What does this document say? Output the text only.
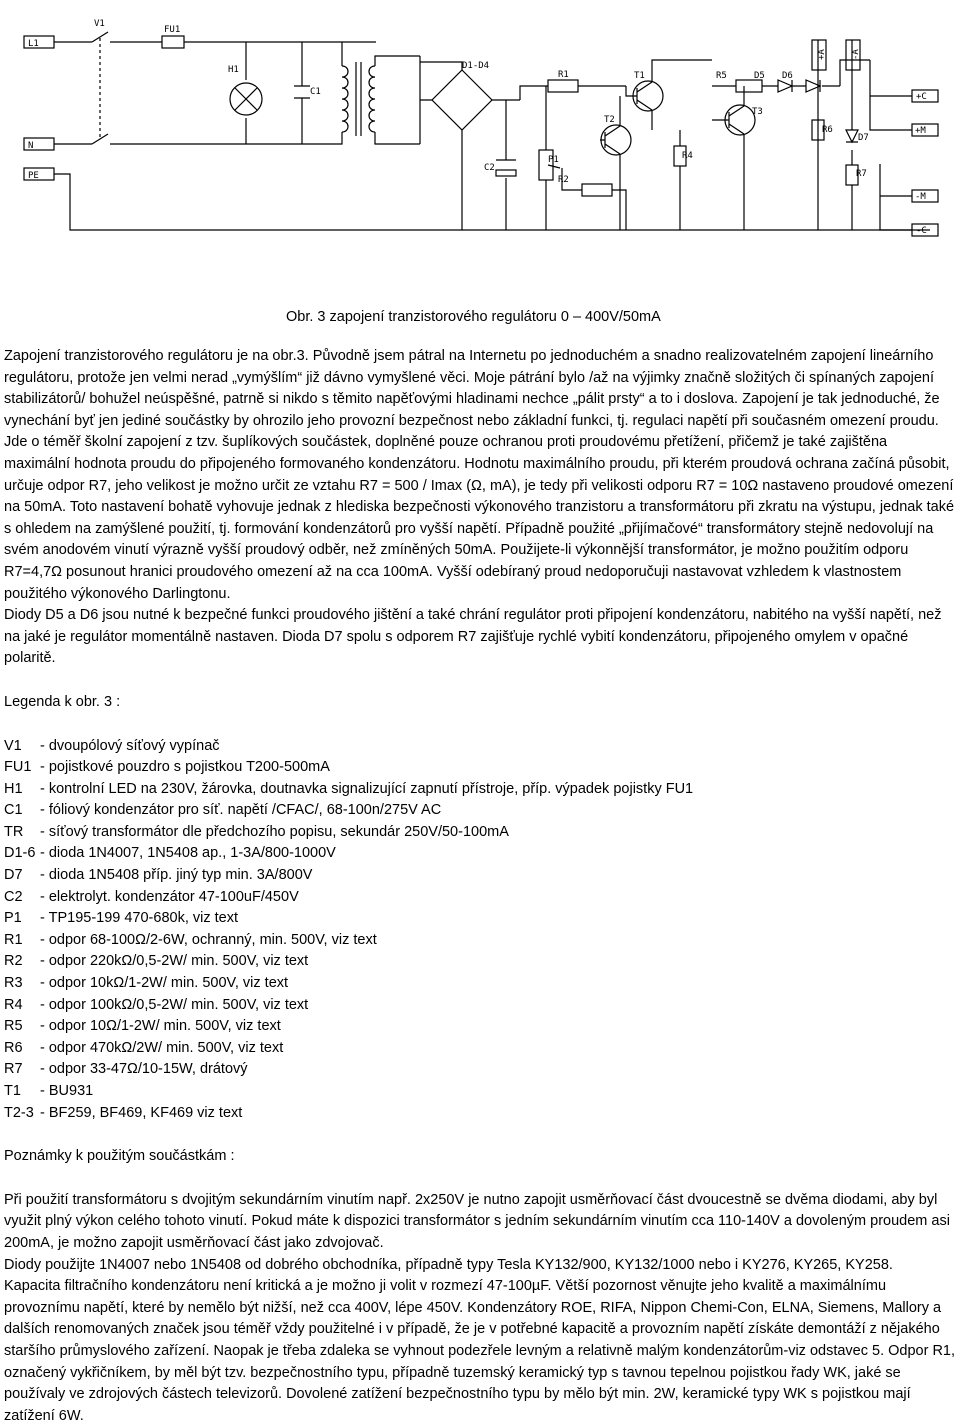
L1
N
PE
V1
FU1
H1
C1
D1-D4
R1	T1
T2
R5	D5 D6
T3
C2
P1
R2
R4
R6
D7
R7
+A	-A
+C
+M
-M
-C
Obr. 3 zapojení tranzistorového regulátoru 0 – 400V/50mA

Zapojení tranzistorového regulátoru je na obr.3. Původně jsem pátral na Internetu po jednoduchém a snadno realizovatelném zapojení lineárního regulátoru, protože jen velmi nerad „vymýšlím“ již dávno vymyšlené věci. Moje pátrání bylo /až na výjimky značně složitých či spínaných zapojení stabilizátorů/ bohužel neúspěšné, patrně si nikdo s těmito napěťovými hladinami nechce „pálit prsty“ a to i doslova. Zapojení je tak jednoduché, že vynechání byť jen jediné součástky by ohrozilo jeho provozní bezpečnost nebo základní funkci, tj. regulaci napětí při současném omezení proudu. Jde o téměř školní zapojení z tzv. šuplíkových součástek, doplněné pouze ochranou proti proudovému přetížení, přičemž je také zajištěna maximální hodnota proudu do připojeného formovaného kondenzátoru. Hodnotu maximálního proudu, při kterém proudová ochrana začíná působit, určuje odpor R7, jeho velikost je možno určit ze vztahu R7 = 500 / Imax (Ω, mA), je tedy při velikosti odporu R7 = 10Ω nastaveno proudové omezení na 50mA. Toto nastavení bohatě vyhovuje jednak z hlediska bezpečnosti výkonového tranzistoru a transformátoru při zkratu na výstupu, jednak také s ohledem na zamýšlené použití, tj. formování kondenzátorů pro vyšší napětí. Případně použité „přijímačové“ transformátory stejně nedovolují na svém anodovém vinutí výrazně vyšší proudový odběr, než zmíněných 50mA. Použijete-li výkonnější transformátor, je možno použitím odporu R7=4,7Ω posunout hranici proudového omezení až na cca 100mA. Vyšší odebíraný proud nedoporučuji nastavovat vzhledem k vlastnostem použitého výkonového Darlingtonu.

Diody D5 a D6 jsou nutné k bezpečné funkci proudového jištění a také chrání regulátor proti připojení kondenzátoru, nabitého na vyšší napětí, než na jaké je regulátor momentálně nastaven. Dioda D7 spolu s odporem R7 zajišťuje rychlé vybití kondenzátoru, připojeného omylem v opačné polaritě.

Legenda k obr. 3 :

V1	- dvoupólový síťový vypínač
FU1 - pojistkové pouzdro s pojistkou T200-500mA
H1	- kontrolní LED na 230V, žárovka, doutnavka signalizující zapnutí přístroje, příp. výpadek pojistky FU1
C1	- fóliový kondenzátor pro síť. napětí /CFAC/, 68-100n/275V AC
TR	- síťový transformátor dle předchozího popisu, sekundár 250V/50-100mA
D1-6 - dioda 1N4007, 1N5408 ap., 1-3A/800-1000V
D7	- dioda 1N5408 příp. jiný typ min. 3A/800V
C2	- elektrolyt. kondenzátor 47-100uF/450V
P1	- TP195-199 470-680k, viz text
R1	- odpor 68-100Ω/2-6W, ochranný, min. 500V, viz text
R2	- odpor 220kΩ/0,5-2W/ min. 500V, viz text
R3	- odpor 10kΩ/1-2W/ min. 500V, viz text
R4	- odpor 100kΩ/0,5-2W/ min. 500V, viz text
R5	- odpor 10Ω/1-2W/ min. 500V, viz text
R6	- odpor 470kΩ/2W/ min. 500V, viz text
R7	- odpor 33-47Ω/10-15W, drátový
T1	- BU931
T2-3 - BF259, BF469, KF469 viz text

Poznámky k použitým součástkám :

Při použití transformátoru s dvojitým sekundárním vinutím např. 2x250V je nutno zapojit usměrňovací část dvoucestně se dvěma diodami, aby byl využit plný výkon celého tohoto vinutí. Pokud máte k dispozici transformátor s jedním sekundárním vinutím cca 110-140V a dovoleným proudem asi 200mA, je možno zapojit usměrňovací část jako zdvojovač.

Diody použijte 1N4007 nebo 1N5408 od dobrého obchodníka, případně typy Tesla KY132/900, KY132/1000 nebo i KY276, KY265, KY258.

Kapacita filtračního kondenzátoru není kritická a je možno ji volit v rozmezí 47-100µF. Větší pozornost věnujte jeho kvalitě a maximálnímu provoznímu napětí, které by nemělo být nižší, než cca 400V, lépe 450V. Kondenzátory ROE, RIFA, Nippon Chemi-Con, ELNA, Siemens, Mallory a dalších renomovaných značek jsou téměř vždy použitelné i v případě, že je v potřebné kapacitě a provozním napětí získáte demontáží z nějakého staršího průmyslového zařízení. Naopak je třeba zdaleka se vyhnout podezřele levným a relativně malým kondenzátorům-viz odstavec 5. Odpor R1, označený vykřičníkem, by měl být tzv. bezpečnostního typu, případně tuzemský keramický typ s tavnou tepelnou pojistkou řady WK, jaké se používaly ve zdrojových částech televizorů. Dovolené zatížení bezpečnostního typu by mělo být min. 2W, keramické typy WK s pojistkou mají zatížení 6W.
